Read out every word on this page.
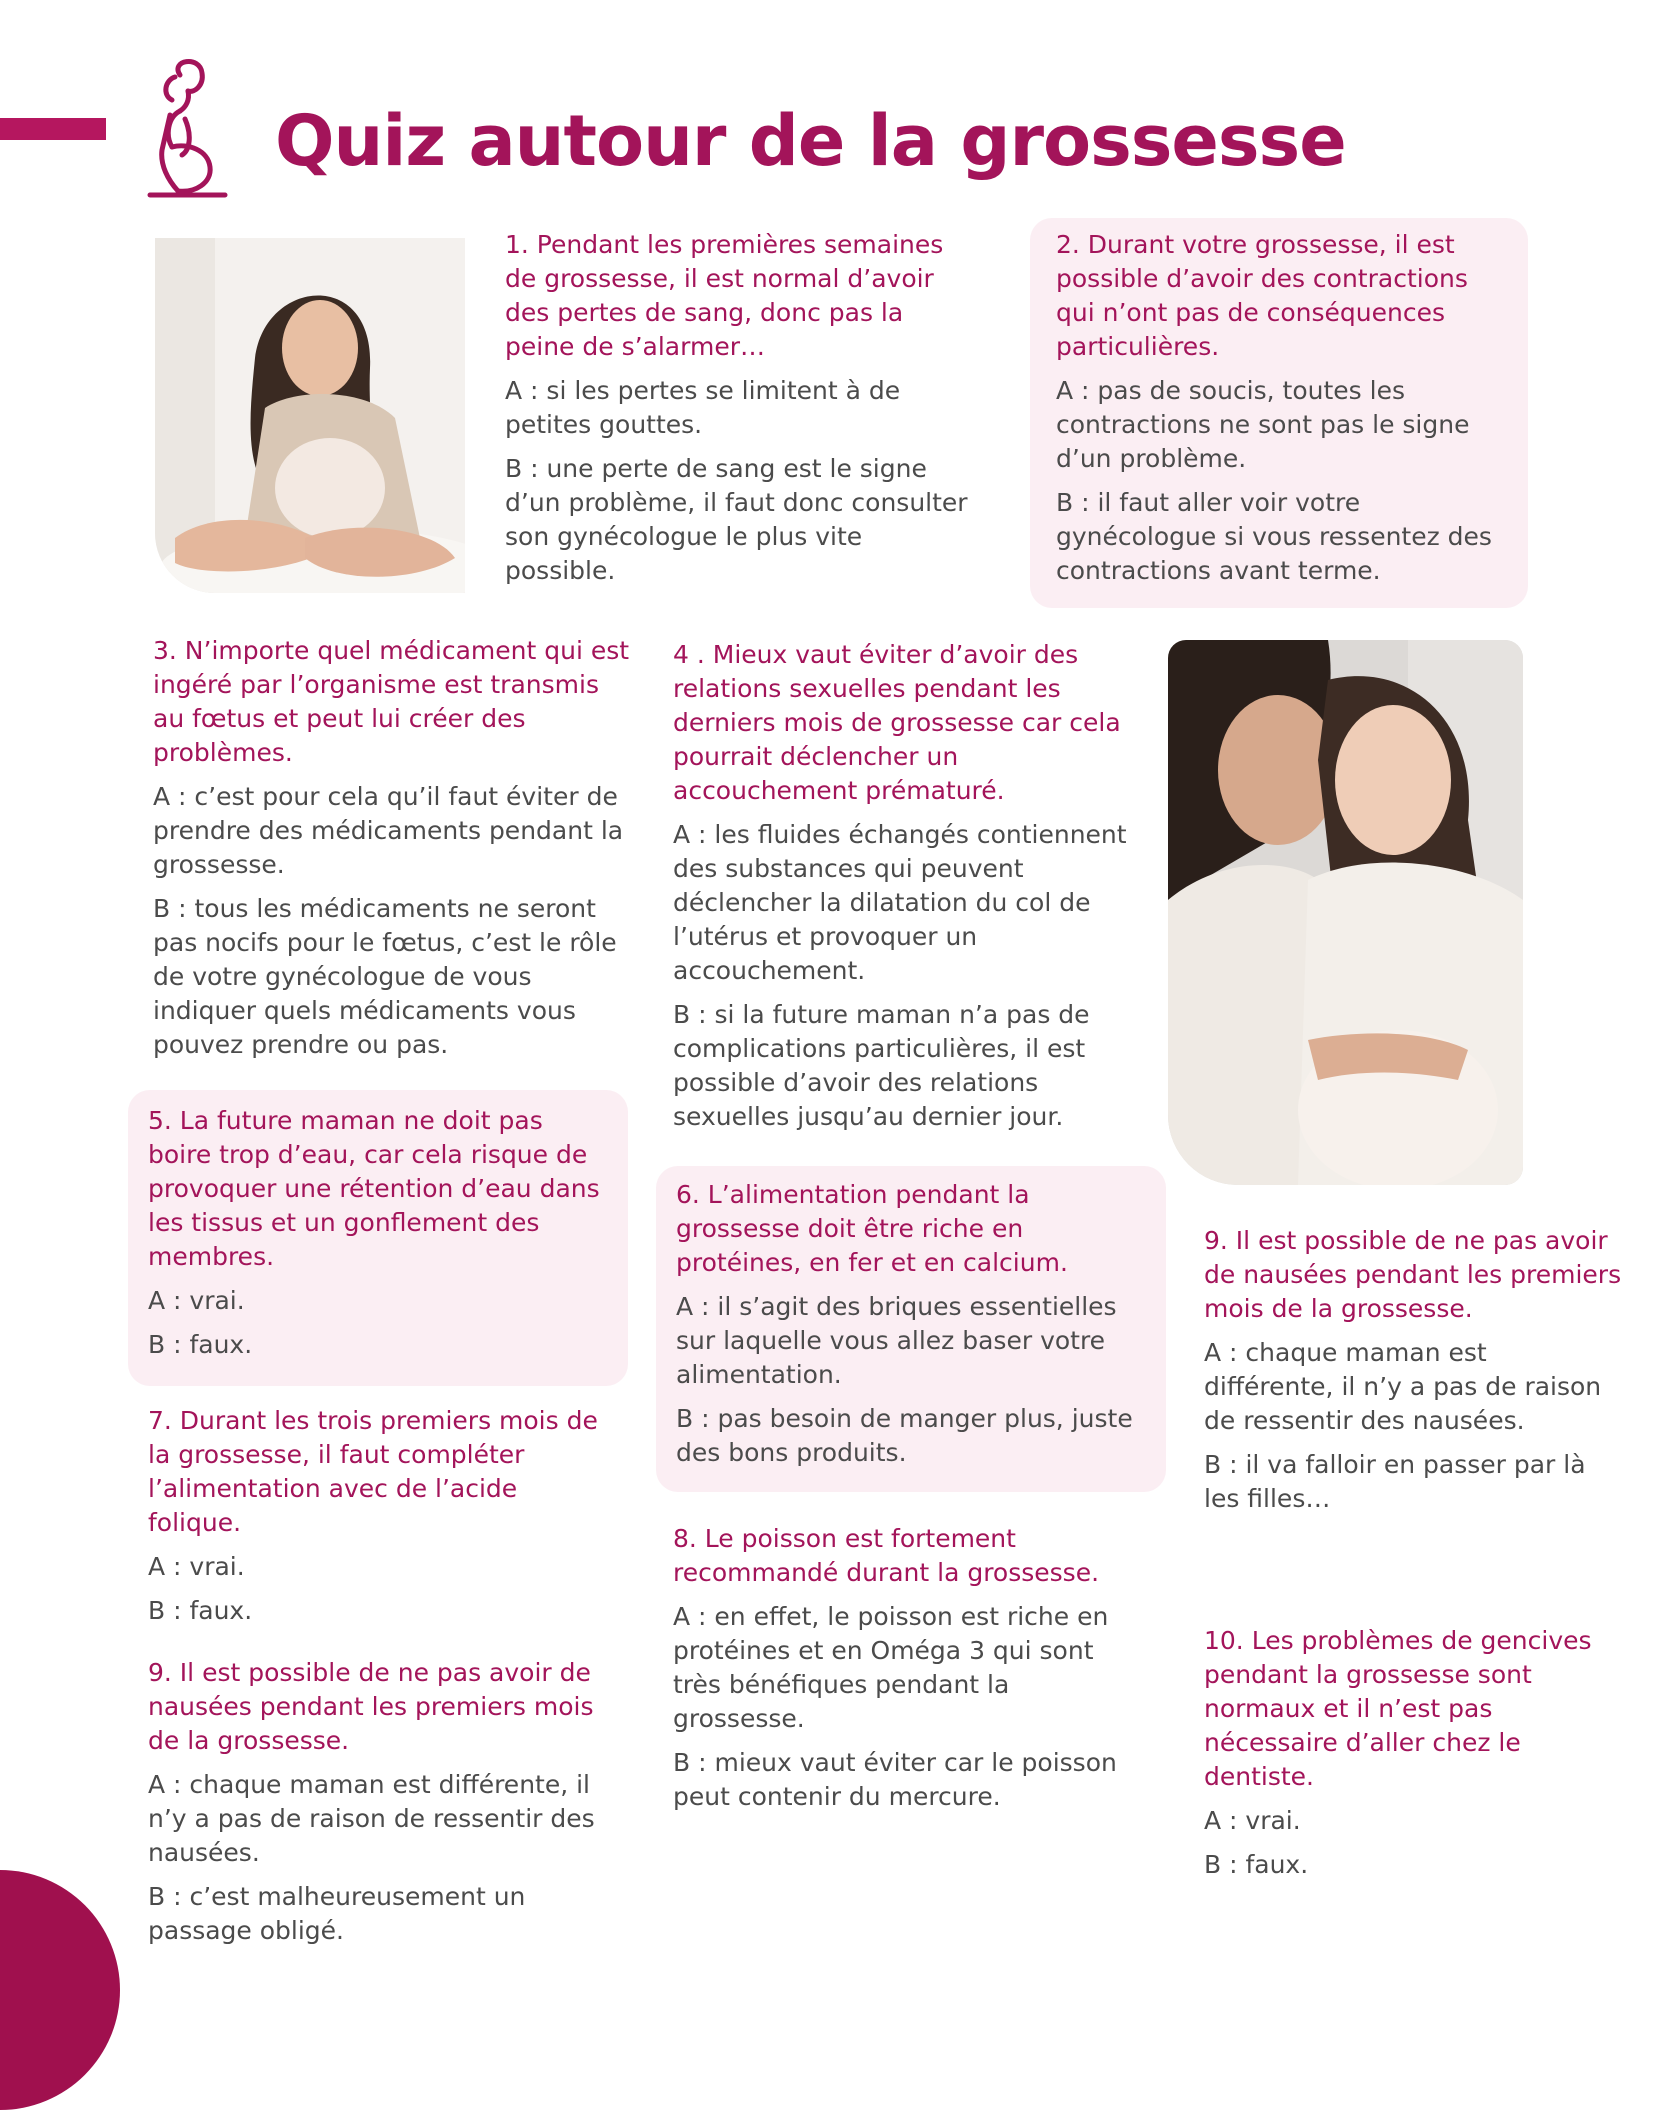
Quiz autour de la grossesse

1. Pendant les premières semaines de grossesse, il est normal d’avoir des pertes de sang, donc pas la peine de s’alarmer…

A : si les pertes se limitent à de petites gouttes.

B : une perte de sang est le signe d’un problème, il faut donc consulter son gynécologue le plus vite possible.

2. Durant votre grossesse, il est possible d’avoir des contractions qui n’ont pas de conséquences particulières.

A : pas de soucis, toutes les contractions ne sont pas le signe d’un problème.

B : il faut aller voir votre gynécologue si vous ressentez des contractions avant terme.

3. N’importe quel médicament qui est ingéré par l’organisme est transmis au fœtus et peut lui créer des problèmes.

A : c’est pour cela qu’il faut éviter de prendre des médicaments pendant la grossesse.

B : tous les médicaments ne seront pas nocifs pour le fœtus, c’est le rôle de votre gynécologue de vous indiquer quels médicaments vous pouvez prendre ou pas.

4 . Mieux vaut éviter d’avoir des relations sexuelles pendant les derniers mois de grossesse car cela pourrait déclencher un accouchement prématuré.

A : les fluides échangés contiennent des substances qui peuvent déclencher la dilatation du col de l’utérus et provoquer un accouchement.

B : si la future maman n’a pas de complications particulières, il est possible d’avoir des relations sexuelles jusqu’au dernier jour.

5. La future maman ne doit pas boire trop d’eau, car cela risque de provoquer une rétention d’eau dans les tissus et un gonflement des membres.

A : vrai.

B : faux.

6. L’alimentation pendant la grossesse doit être riche en protéines, en fer et en calcium.

A : il s’agit des briques essentielles sur laquelle vous allez baser votre alimentation.

B : pas besoin de manger plus, juste des bons produits.

7. Durant les trois premiers mois de la grossesse, il faut compléter l’alimentation avec de l’acide folique.

A : vrai.

B : faux.

8. Le poisson est fortement recommandé durant la grossesse.

A : en effet, le poisson est riche en protéines et en Oméga 3 qui sont très bénéfiques pendant la grossesse.

B : mieux vaut éviter car le poisson peut contenir du mercure.

9. Il est possible de ne pas avoir de nausées pendant les premiers mois de la grossesse.

A : chaque maman est différente, il n’y a pas de raison de ressentir des nausées.

B : c’est malheureusement un passage obligé.

9. Il est possible de ne pas avoir de nausées pendant les premiers mois de la grossesse.

A : chaque maman est différente, il n’y a pas de raison de ressentir des nausées.

B : il va falloir en passer par là les filles…

10. Les problèmes de gencives pendant la grossesse sont normaux et il n’est pas nécessaire d’aller chez le dentiste.

A : vrai.

B : faux.
